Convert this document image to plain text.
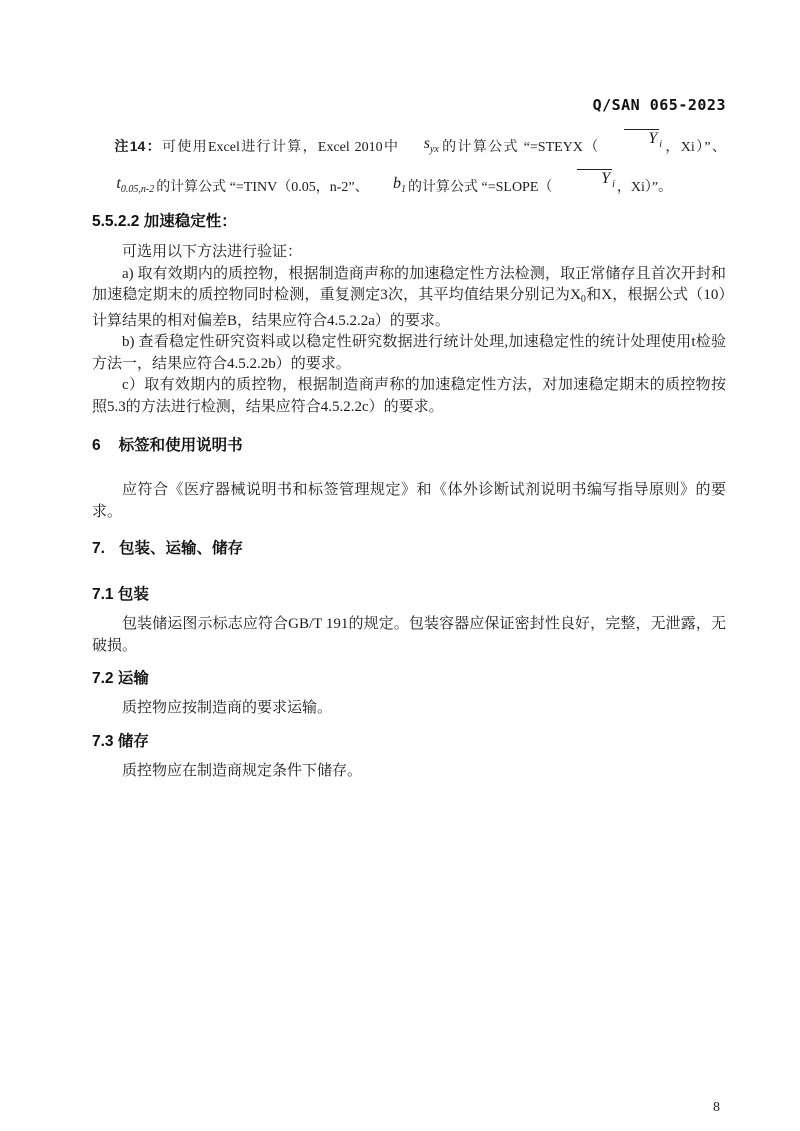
Q/SAN 065-2023

注14：可使用Excel进行计算，Excel 2010中 $s_{yx}$ 的计算公式 “=STEYX（Y $_i$ ，Xi）”、$t_{0.05,n-2}$ 的计算公式 “=TINV（0.05，n-2”、 $b_1$ 的计算公式 “=SLOPE（Y $_i$ ，Xi）”。

5.5.2.2 加速稳定性：

可选用以下方法进行验证：

a) 取有效期内的质控物，根据制造商声称的加速稳定性方法检测，取正常储存且首次开封和加速稳定期末的质控物同时检测，重复测定3次，其平均值结果分别记为$X_0$和X，根据公式（10）计算结果的相对偏差B，结果应符合4.5.2.2a）的要求。

b) 查看稳定性研究资料或以稳定性研究数据进行统计处理,加速稳定性的统计处理使用t检验方法一，结果应符合4.5.2.2b）的要求。

c）取有效期内的质控物，根据制造商声称的加速稳定性方法，对加速稳定期末的质控物按照5.3的方法进行检测，结果应符合4.5.2.2c）的要求。

6 标签和使用说明书

应符合《医疗器械说明书和标签管理规定》和《体外诊断试剂说明书编写指导原则》的要求。

7. 包装、运输、储存
7.1 包装

包装储运图示标志应符合GB/T 191的规定。包装容器应保证密封性良好，完整，无泄露，无破损。

7.2 运输

质控物应按制造商的要求运输。

7.3 储存

质控物应在制造商规定条件下储存。

8
